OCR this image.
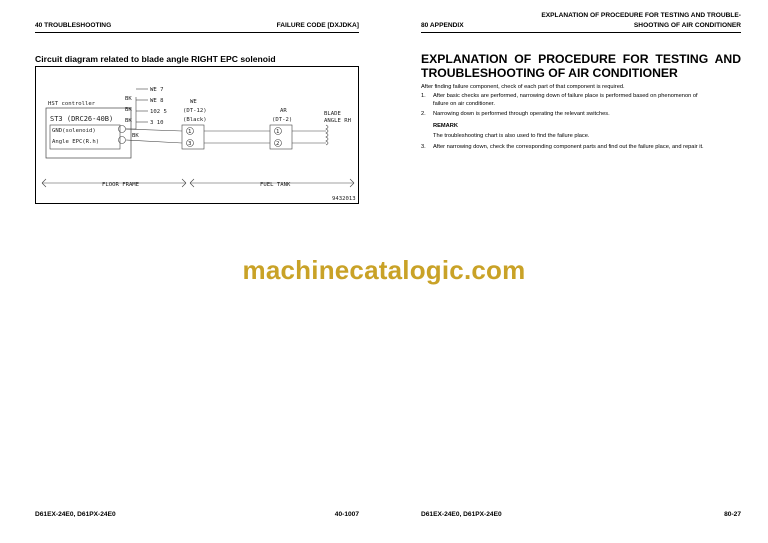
40 TROUBLESHOOTING	FAILURE CODE [DXJDKA]
Circuit diagram related to blade angle RIGHT EPC solenoid
HST controller
ST3 (DRC26-40B)
GND(solenoid)
Angle EPC(R.h)
BK
BK
BK
BK
WE 7
WE 8
102 5
3 10
WE
(DT-12)
(Black)
1
3
AR
(DT-2)
1
2
BLADE
ANGLE RH
FLOOR FRAME	FUEL TANK
9432013
D61EX-24E0, D61PX-24E0	40-1007
80 APPENDIX
EXPLANATION OF PROCEDURE FOR TESTING AND TROUBLE-
SHOOTING OF AIR CONDITIONER
EXPLANATION OF PROCEDURE FOR TESTING AND
TROUBLESHOOTING OF AIR CONDITIONER
After finding failure component, check of each part of that component is required.
1. After basic checks are performed, narrowing down of failure place is performed based on phenomenon of
failure on air conditioner.
2. Narrowing down is performed through operating the relevant switches.
REMARK
The troubleshooting chart is also used to find the failure place.
3. After narrowing down, check the corresponding component parts and find out the failure place, and repair it.
D61EX-24E0, D61PX-24E0	80-27
machinecatalogic.com
